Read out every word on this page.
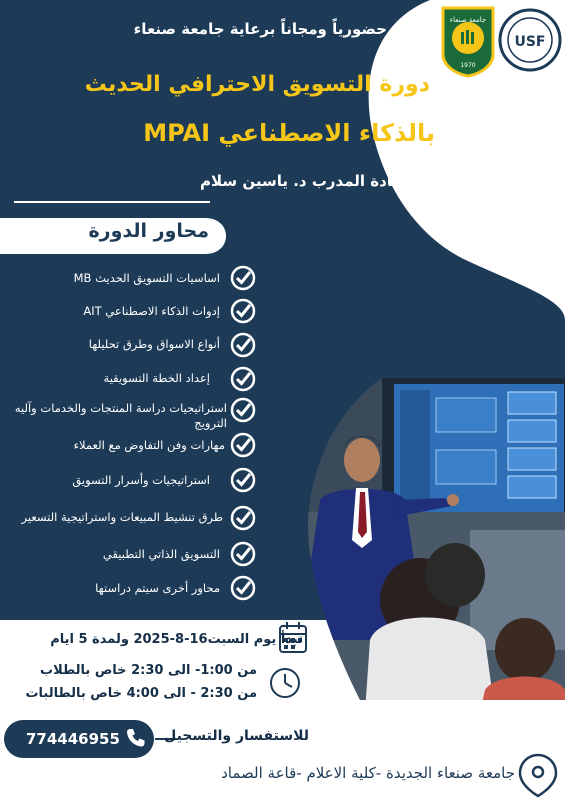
جامعة صنعاء
1970
USF

حضورياً ومجاناً برعاية جامعة صنعاء

دورة التسويق الاحترافي الحديث

بالذكاء الاصطناعي MPAI

بقيادة المدرب د. ياسين سلام

محاور الدورة

اساسيات التسويق الحديث MB
إدوات الذكاء الاصطناعي AIT
أنواع الاسواق وطرق تحليلها
إعداد الخطة التسويقية
استراتيجيات دراسة المنتجات والخدمات وآليه الترويج
مهارات وفن التفاوض مع العملاء
استراتيجيات وأسرار التسويق
طرق تنشيط المبيعات واستراتيجية التسعير
التسويق الذاتي التطبيقي
محاور أخرى سيتم دراستها
تبدأ يوم السبت16-8-2025 ولمدة 5 ايام
من 1:00- الى 2:30 خاص بالطلاب
من 2:30 - الى 4:00 خاص بالطالبات
للاستفسار والتسجيل
774446955
جامعة صنعاء الجديدة -كلية الاعلام -قاعة الصماد
